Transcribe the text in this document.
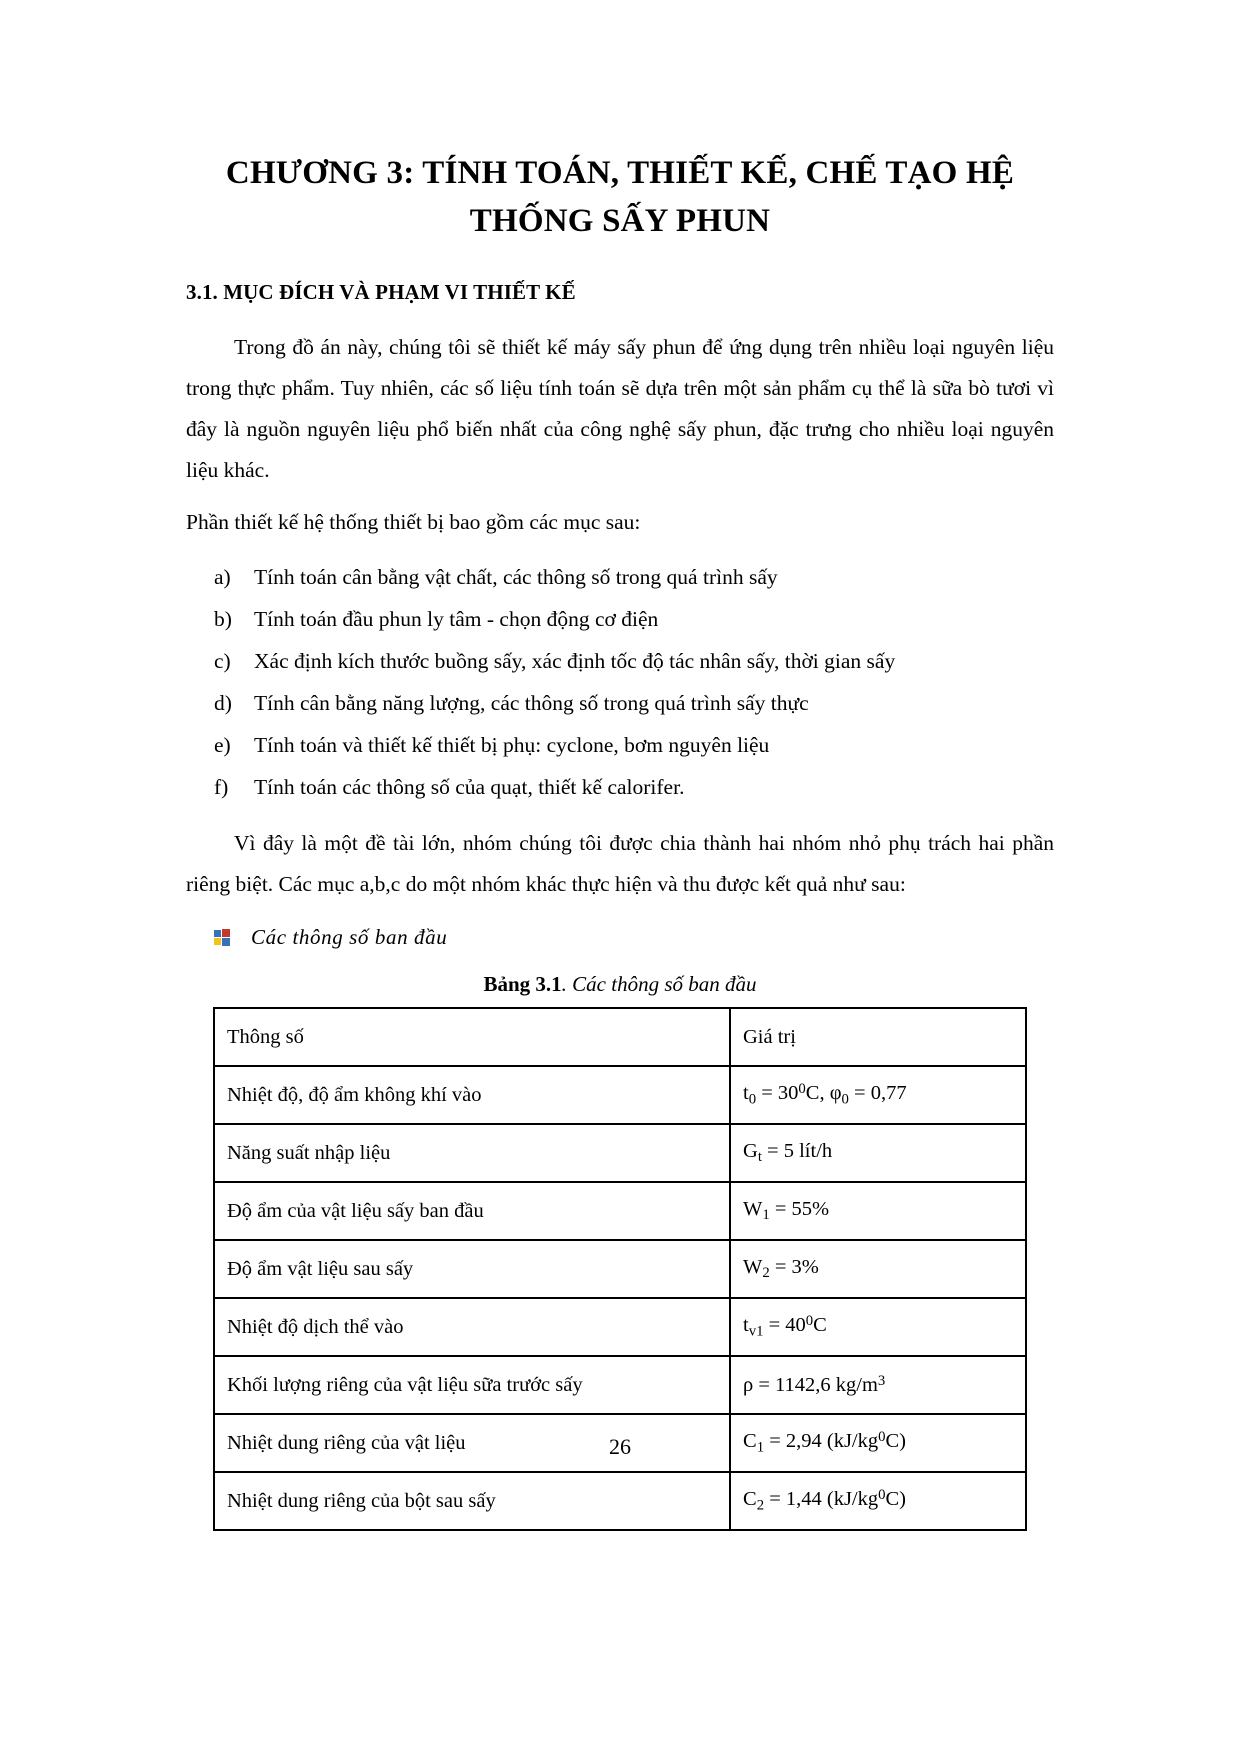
CHƯƠNG 3: TÍNH TOÁN, THIẾT KẾ, CHẾ TẠO HỆ THỐNG SẤY PHUN
3.1. MỤC ĐÍCH VÀ PHẠM VI THIẾT KẾ

Trong đồ án này, chúng tôi sẽ thiết kế máy sấy phun để ứng dụng trên nhiều loại nguyên liệu trong thực phẩm. Tuy nhiên, các số liệu tính toán sẽ dựa trên một sản phẩm cụ thể là sữa bò tươi vì đây là nguồn nguyên liệu phổ biến nhất của công nghệ sấy phun, đặc trưng cho nhiều loại nguyên liệu khác.

Phần thiết kế hệ thống thiết bị bao gồm các mục sau:

a)	Tính toán cân bằng vật chất, các thông số trong quá trình sấy
b)	Tính toán đầu phun ly tâm - chọn động cơ điện
c)	Xác định kích thước buồng sấy, xác định tốc độ tác nhân sấy, thời gian sấy
d)	Tính cân bằng năng lượng, các thông số trong quá trình sấy thực
e)	Tính toán và thiết kế thiết bị phụ: cyclone, bơm nguyên liệu
f)	Tính toán các thông số của quạt, thiết kế calorifer.

Vì đây là một đề tài lớn, nhóm chúng tôi được chia thành hai nhóm nhỏ phụ trách hai phần riêng biệt. Các mục a,b,c do một nhóm khác thực hiện và thu được kết quả như sau:

Các thông số ban đầu
Bảng 3.1. Các thông số ban đầu
Thông số	Giá trị
Nhiệt độ, độ ẩm không khí vào	$t_0 = 30^0C$, $\varphi_0 = 0,77$
Năng suất nhập liệu	$G_t = 5$ lít/h
Độ ẩm của vật liệu sấy ban đầu	$W_1 = 55\%$
Độ ẩm vật liệu sau sấy	$W_2 = 3\%$
Nhiệt độ dịch thể vào	$t_{v1} = 40^0C$
Khối lượng riêng của vật liệu sữa trước sấy	ρ = 1142,6 $kg/m^3$
Nhiệt dung riêng của vật liệu	$C_1 = 2,94$ $(kJ/kg^0C)$
Nhiệt dung riêng của bột sau sấy	$C_2 = 1,44$ $(kJ/kg^0C)$
26
